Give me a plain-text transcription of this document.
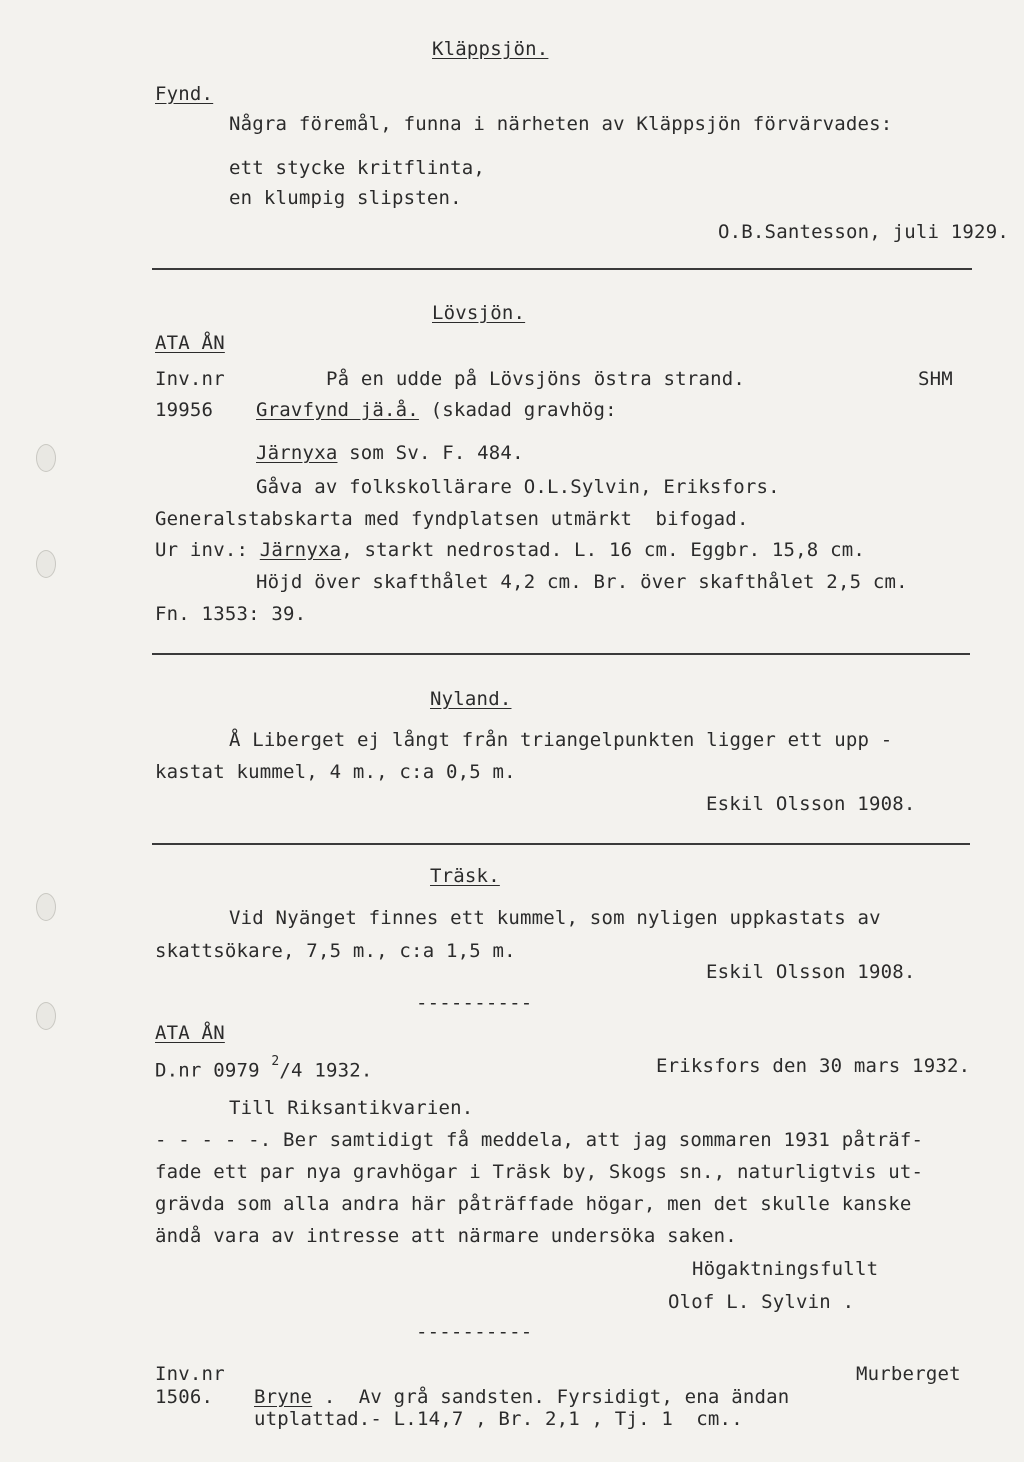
Kläppsjön.
Fynd.
Några föremål, funna i närheten av Kläppsjön förvärvades:
ett stycke kritflinta,
en klumpig slipsten.
O.B.Santesson, juli 1929.
Lövsjön.
ATA ÅN
Inv.nr	På en udde på Lövsjöns östra strand.	SHM
19956 Gravfynd jä.å. (skadad gravhög:
Järnyxa som Sv. F. 484.
Gåva av folkskollärare O.L.Sylvin, Eriksfors.
Generalstabskarta med fyndplatsen utmärkt  bifogad.
Ur inv.: Järnyxa, starkt nedrostad. L. 16 cm. Eggbr. 15,8 cm.
Höjd över skafthålet 4,2 cm. Br. över skafthålet 2,5 cm.
Fn. 1353: 39.
Nyland.
Å Liberget ej långt från triangelpunkten ligger ett upp -
kastat kummel, 4 m., c:a 0,5 m.
Eskil Olsson 1908.
Träsk.
Vid Nyänget finnes ett kummel, som nyligen uppkastats av
skattsökare, 7,5 m., c:a 1,5 m.
Eskil Olsson 1908.
----------
ATA ÅN
D.nr 0979 $^2$/4 1932.	Eriksfors den 30 mars 1932.
Till Riksantikvarien.
- - - - -. Ber samtidigt få meddela, att jag sommaren 1931 påträf-
fade ett par nya gravhögar i Träsk by, Skogs sn., naturligtvis ut-
grävda som alla andra här påträffade högar, men det skulle kanske
ändå vara av intresse att närmare undersöka saken.
Högaktningsfullt
Olof L. Sylvin .
----------
Inv.nr	Murberget
1506. Bryne .  Av grå sandsten. Fyrsidigt, ena ändan
utplattad.- L.14,7 , Br. 2,1 , Tj. 1  cm..
